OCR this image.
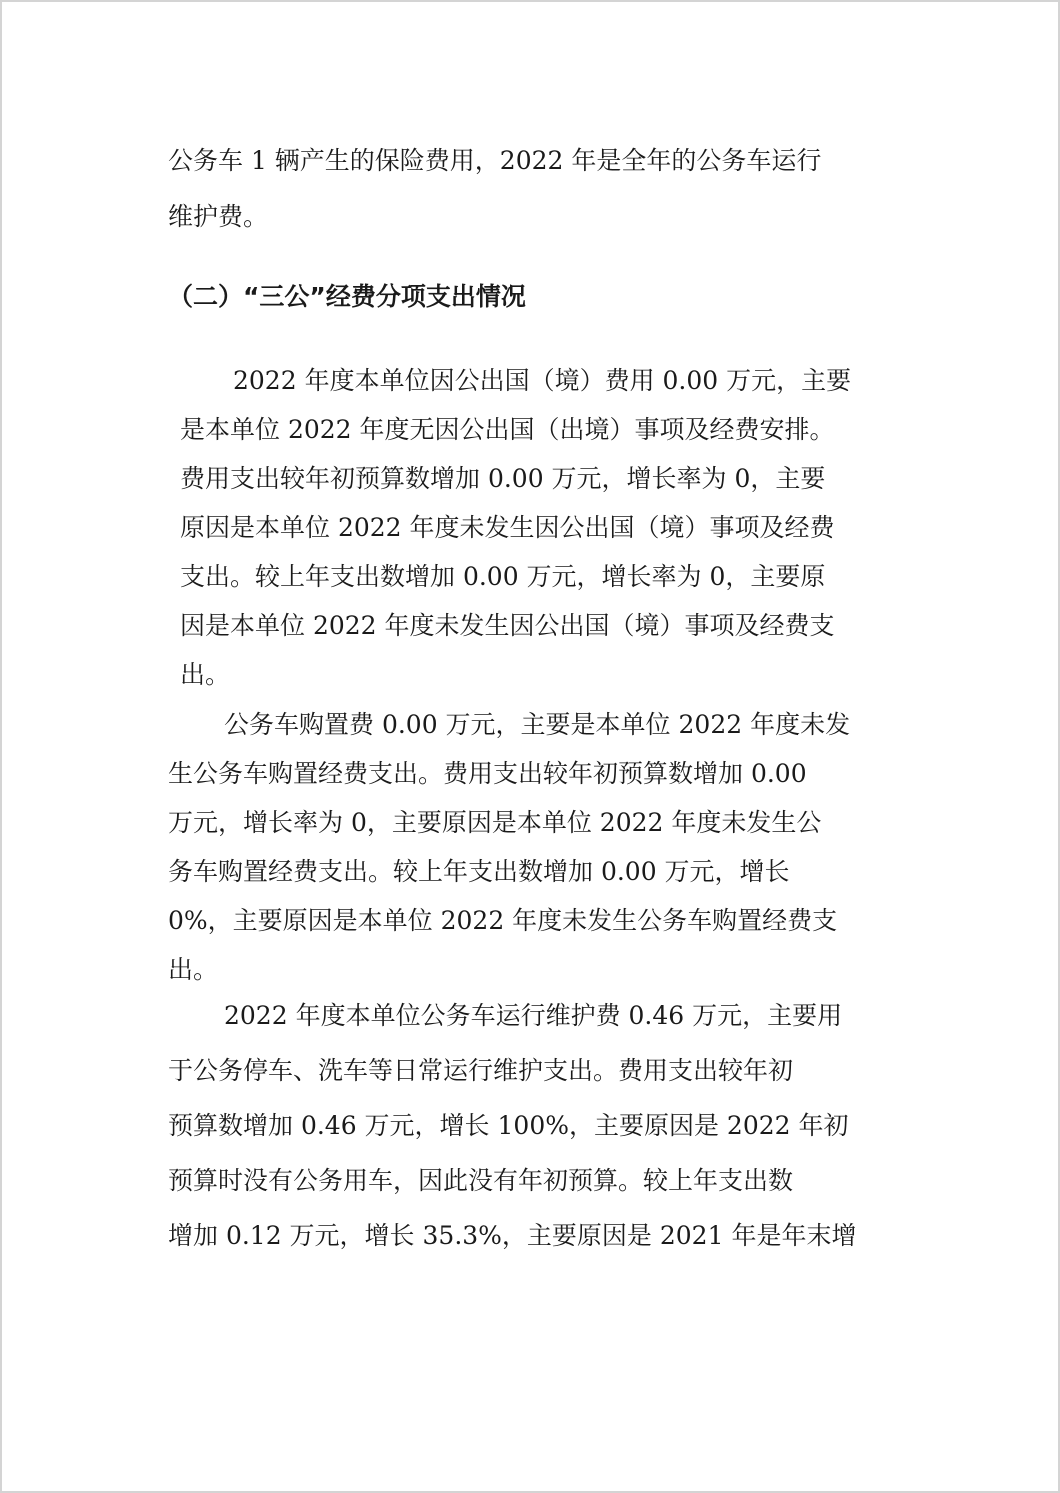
公务车 1 辆产生的保险费用，2022 年是全年的公务车运行
维护费。
（二）“三公”经费分项支出情况
2022 年度本单位因公出国（境）费用 0.00 万元，主要
是本单位 2022 年度无因公出国（出境）事项及经费安排。
费用支出较年初预算数增加 0.00 万元，增长率为 0，主要
原因是本单位 2022 年度未发生因公出国（境）事项及经费
支出。较上年支出数增加 0.00 万元，增长率为 0，主要原
因是本单位 2022 年度未发生因公出国（境）事项及经费支
出。
公务车购置费 0.00 万元，主要是本单位 2022 年度未发
生公务车购置经费支出。费用支出较年初预算数增加 0.00
万元，增长率为 0，主要原因是本单位 2022 年度未发生公
务车购置经费支出。较上年支出数增加 0.00 万元，增长
0%，主要原因是本单位 2022 年度未发生公务车购置经费支
出。
2022 年度本单位公务车运行维护费 0.46 万元，主要用
于公务停车、洗车等日常运行维护支出。费用支出较年初
预算数增加 0.46 万元，增长 100%，主要原因是 2022 年初
预算时没有公务用车，因此没有年初预算。较上年支出数
增加 0.12 万元，增长 35.3%，主要原因是 2021 年是年末增
